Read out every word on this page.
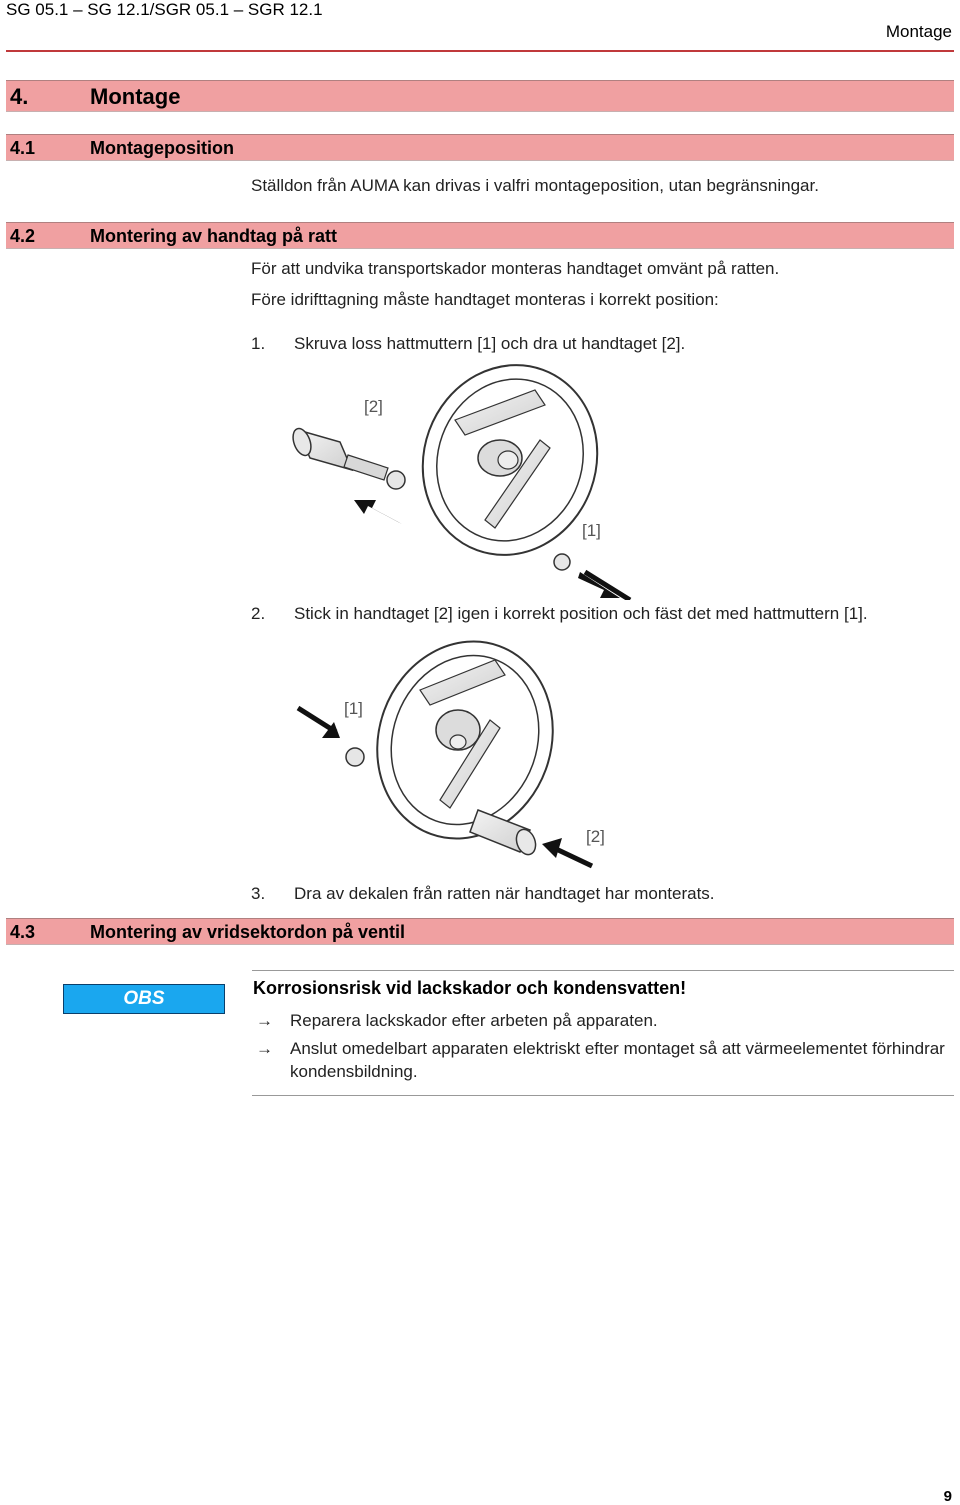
SG 05.1 – SG 12.1/SGR 05.1 – SGR 12.1
Montage
4.	Montage
4.1	Montageposition
Ställdon från AUMA kan drivas i valfri montageposition, utan begränsningar.
4.2	Montering av handtag på ratt
För att undvika transportskador monteras handtaget omvänt på ratten.
Före idrifttagning måste handtaget monteras i korrekt position:
1. Skruva loss hattmuttern [1] och dra ut handtaget [2].
[2]
[1]
2. Stick in handtaget [2] igen i korrekt position och fäst det med hattmuttern [1].
[1]
[2]
3. Dra av dekalen från ratten när handtaget har monterats.
4.3	Montering av vridsektordon på ventil
OBS	Korrosionsrisk vid lackskador och kondensvatten!
→ Reparera lackskador efter arbeten på apparaten.
→ Anslut omedelbart apparaten elektriskt efter montaget så att värmeelementet förhindrar kondensbildning.
9
